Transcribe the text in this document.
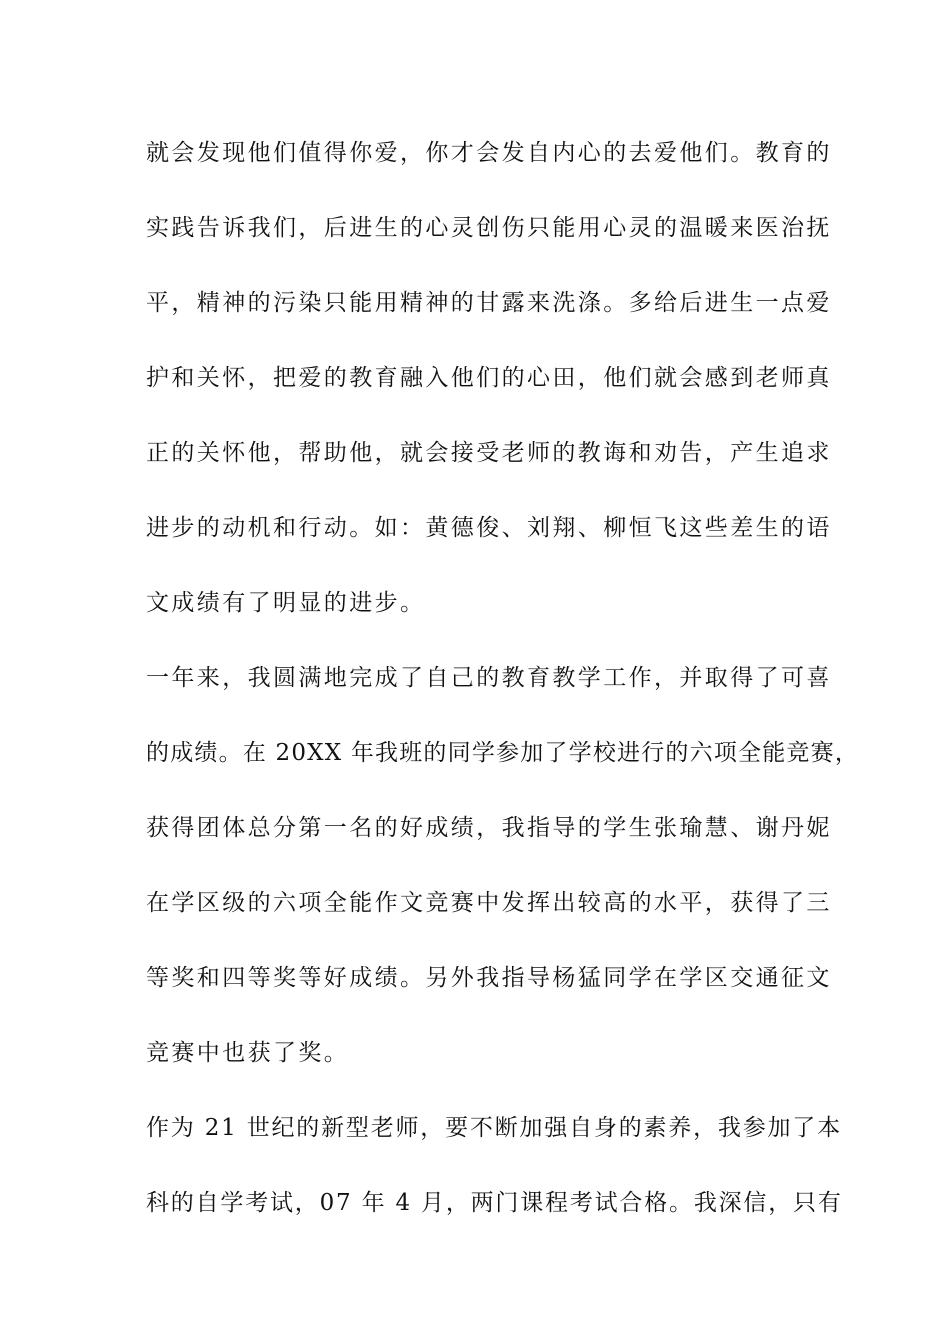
就会发现他们值得你爱，你才会发自内心的去爱他们。教育的
实践告诉我们，后进生的心灵创伤只能用心灵的温暖来医治抚
平，精神的污染只能用精神的甘露来洗涤。多给后进生一点爱
护和关怀，把爱的教育融入他们的心田，他们就会感到老师真
正的关怀他，帮助他，就会接受老师的教诲和劝告，产生追求
进步的动机和行动。如：黄德俊、刘翔、柳恒飞这些差生的语
文成绩有了明显的进步。
一年来，我圆满地完成了自己的教育教学工作，并取得了可喜
的成绩。在 20XX 年我班的同学参加了学校进行的六项全能竞赛，
获得团体总分第一名的好成绩，我指导的学生张瑜慧、谢丹妮
在学区级的六项全能作文竞赛中发挥出较高的水平，获得了三
等奖和四等奖等好成绩。另外我指导杨猛同学在学区交通征文
竞赛中也获了奖。
作为 21 世纪的新型老师，要不断加强自身的素养，我参加了本
科的自学考试，07 年 4 月，两门课程考试合格。我深信，只有
